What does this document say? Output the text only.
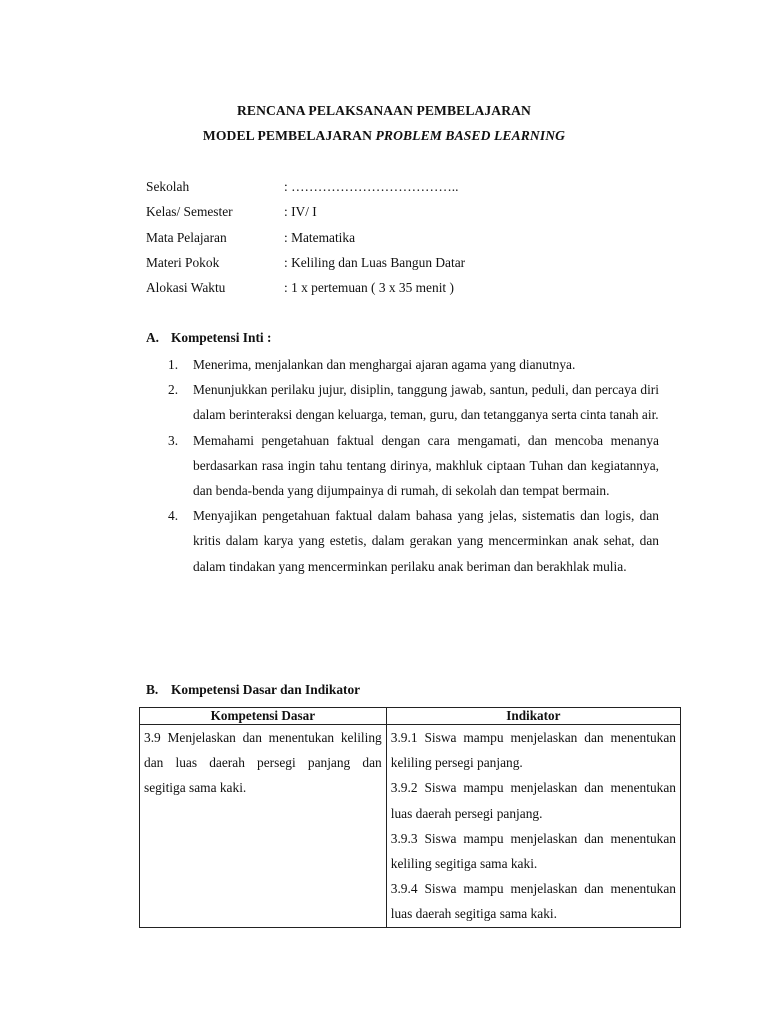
RENCANA PELAKSANAAN PEMBELAJARAN
MODEL PEMBELAJARAN PROBLEM BASED LEARNING
Sekolah	: ………………………………..
Kelas/ Semester	: IV/ I
Mata Pelajaran	: Matematika
Materi Pokok	: Keliling dan Luas Bangun Datar
Alokasi Waktu	: 1 x pertemuan ( 3 x 35 menit )
A. Kompetensi Inti :
1.	Menerima, menjalankan dan menghargai ajaran agama yang dianutnya.
2.	Menunjukkan perilaku jujur, disiplin, tanggung jawab, santun, peduli, dan percaya diri dalam berinteraksi dengan keluarga, teman, guru, dan tetangganya serta cinta tanah air.
3.	Memahami pengetahuan faktual dengan cara mengamati, dan mencoba menanya berdasarkan rasa ingin tahu tentang dirinya, makhluk ciptaan Tuhan dan kegiatannya, dan benda-benda yang dijumpainya di rumah, di sekolah dan tempat bermain.
4.	Menyajikan pengetahuan faktual dalam bahasa yang jelas, sistematis dan logis, dan kritis dalam karya yang estetis, dalam gerakan yang mencerminkan anak sehat, dan dalam tindakan yang mencerminkan perilaku anak beriman dan berakhlak mulia.
B. Kompetensi Dasar dan Indikator
Kompetensi Dasar	Indikator

3.9 Menjelaskan dan menentukan keliling dan luas daerah persegi panjang dan segitiga sama kaki.	3.9.1 Siswa mampu menjelaskan dan menentukan keliling persegi panjang.
3.9.2 Siswa mampu menjelaskan dan menentukan luas daerah persegi panjang.
3.9.3 Siswa mampu menjelaskan dan menentukan keliling segitiga sama kaki.
3.9.4 Siswa mampu menjelaskan dan menentukan luas daerah segitiga sama kaki.
